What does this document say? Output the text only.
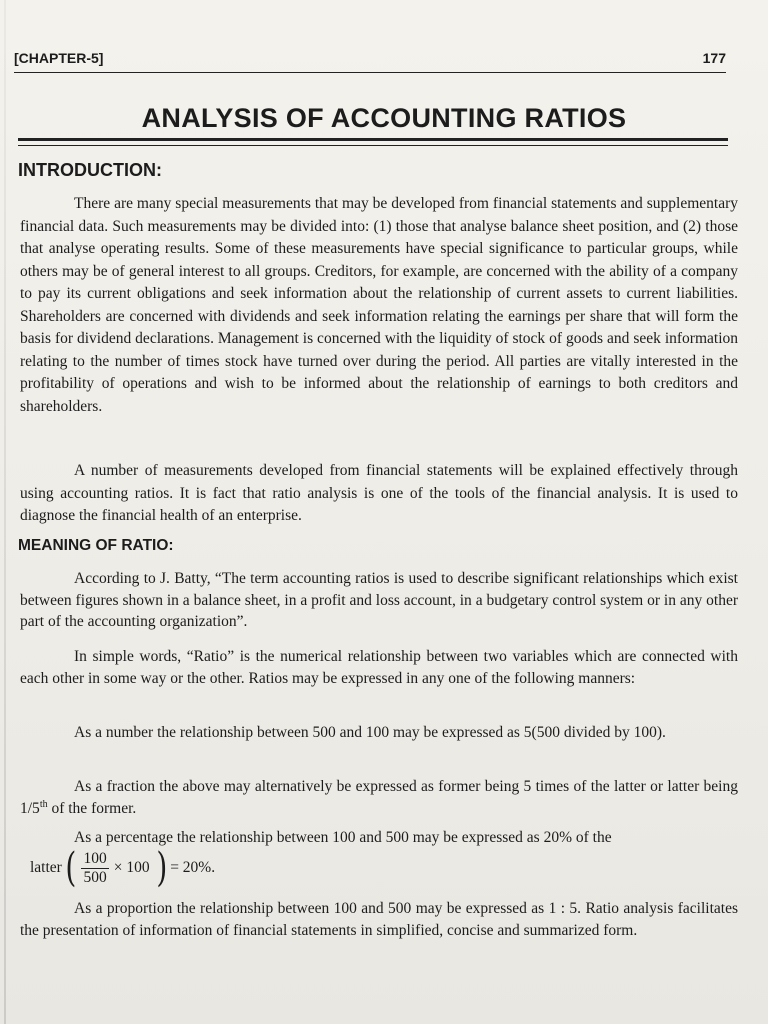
[CHAPTER-5]	177
ANALYSIS OF ACCOUNTING RATIOS
INTRODUCTION:

There are many special measurements that may be developed from financial statements and supplementary financial data. Such measurements may be divided into: (1) those that analyse balance sheet position, and (2) those that analyse operating results. Some of these measurements have special significance to particular groups, while others may be of general interest to all groups. Creditors, for example, are concerned with the ability of a company to pay its current obligations and seek information about the relationship of current assets to current liabilities. Shareholders are concerned with dividends and seek information relating the earnings per share that will form the basis for dividend declarations. Management is concerned with the liquidity of stock of goods and seek information relating to the number of times stock have turned over during the period. All parties are vitally interested in the profitability of operations and wish to be informed about the relationship of earnings to both creditors and shareholders.

A number of measurements developed from financial statements will be explained effectively through using accounting ratios. It is fact that ratio analysis is one of the tools of the financial analysis. It is used to diagnose the financial health of an enterprise.

MEANING OF RATIO:

According to J. Batty, “The term accounting ratios is used to describe significant relationships which exist between figures shown in a balance sheet, in a profit and loss account, in a budgetary control system or in any other part of the accounting organization”.

In simple words, “Ratio” is the numerical relationship between two variables which are connected with each other in some way or the other. Ratios may be expressed in any one of the following manners:

As a number the relationship between 500 and 100 may be expressed as 5(500 divided by 100).

As a fraction the above may alternatively be expressed as former being 5 times of the latter or latter being 1/5th of the former.

As a percentage the relationship between 100 and 500 may be expressed as 20% of the

latter ( $\frac{100}{500} \times 100$ ) = 20%.

As a proportion the relationship between 100 and 500 may be expressed as 1 : 5. Ratio analysis facilitates the presentation of information of financial statements in simplified, concise and summarized form.
